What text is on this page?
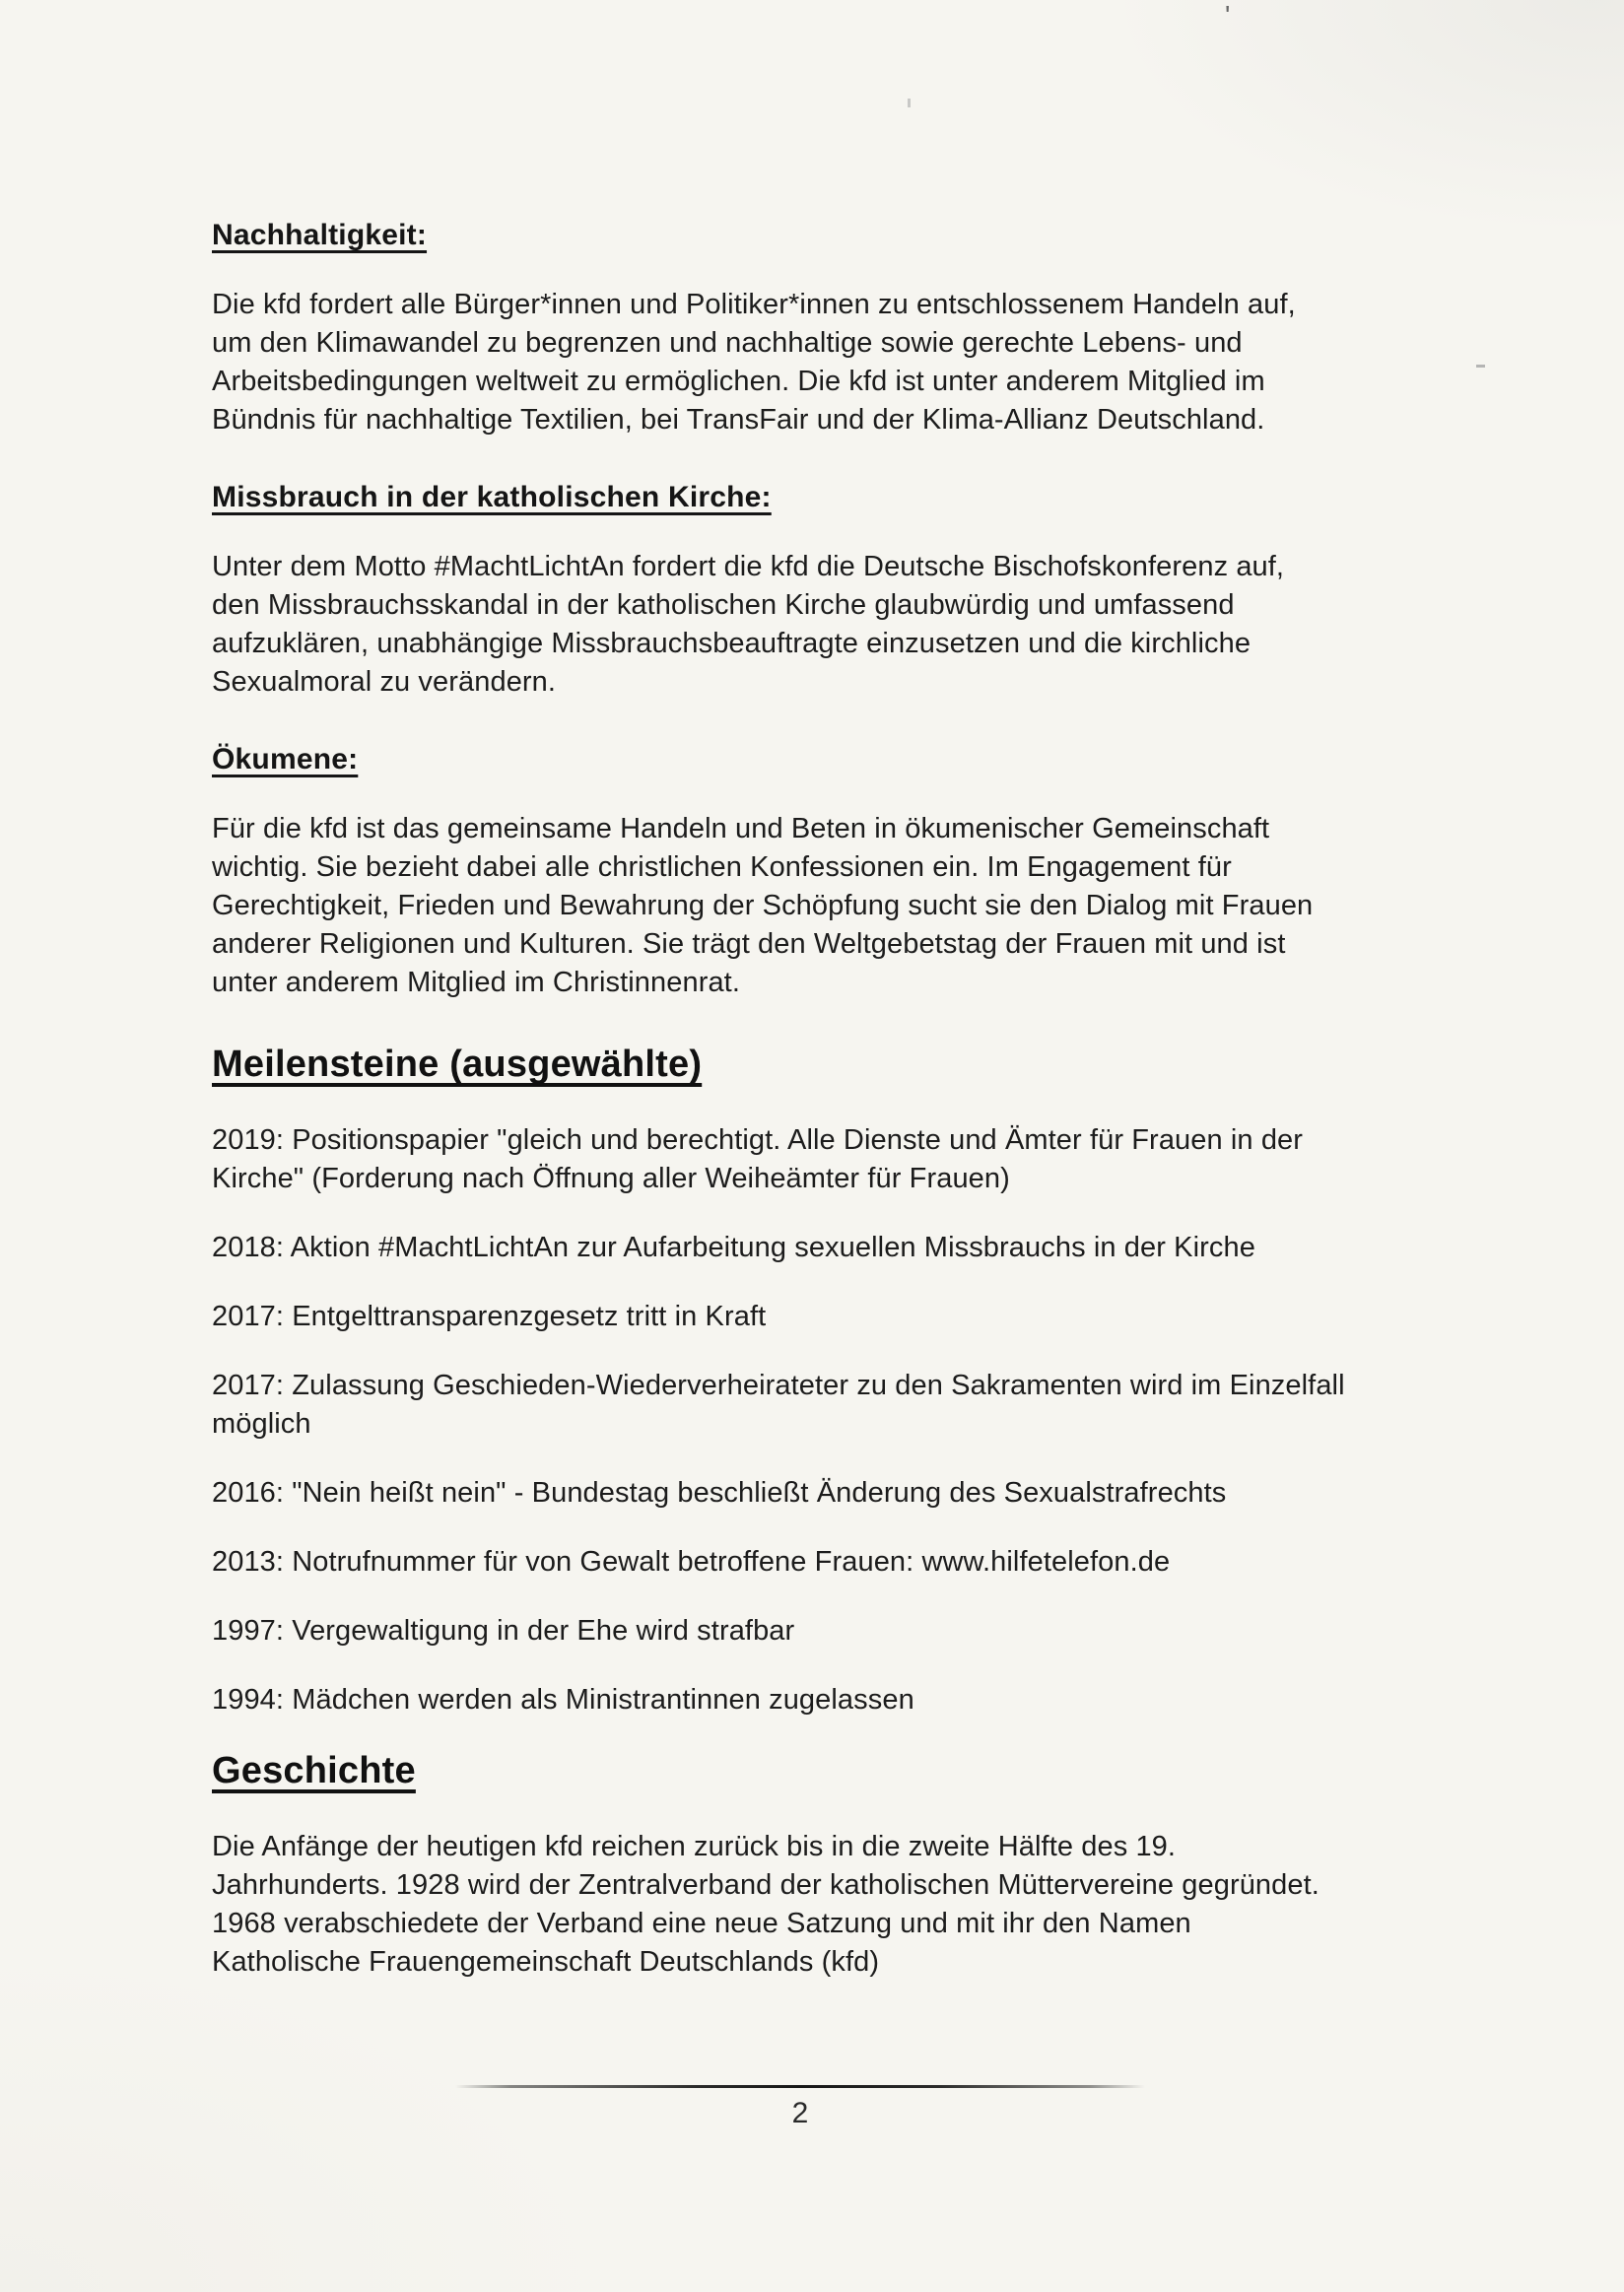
'
Nachhaltigkeit:

Die kfd fordert alle Bürger*innen und Politiker*innen zu entschlossenem Handeln auf,
um den Klimawandel zu begrenzen und nachhaltige sowie gerechte Lebens- und
Arbeitsbedingungen weltweit zu ermöglichen. Die kfd ist unter anderem Mitglied im
Bündnis für nachhaltige Textilien, bei TransFair und der Klima-Allianz Deutschland.

Missbrauch in der katholischen Kirche:

Unter dem Motto #MachtLichtAn fordert die kfd die Deutsche Bischofskonferenz auf,
den Missbrauchsskandal in der katholischen Kirche glaubwürdig und umfassend
aufzuklären, unabhängige Missbrauchsbeauftragte einzusetzen und die kirchliche
Sexualmoral zu verändern.

Ökumene:

Für die kfd ist das gemeinsame Handeln und Beten in ökumenischer Gemeinschaft
wichtig. Sie bezieht dabei alle christlichen Konfessionen ein. Im Engagement für
Gerechtigkeit, Frieden und Bewahrung der Schöpfung sucht sie den Dialog mit Frauen
anderer Religionen und Kulturen. Sie trägt den Weltgebetstag der Frauen mit und ist
unter anderem Mitglied im Christinnenrat.

Meilensteine (ausgewählte)

2019: Positionspapier "gleich und berechtigt. Alle Dienste und Ämter für Frauen in der
Kirche" (Forderung nach Öffnung aller Weiheämter für Frauen)

2018: Aktion #MachtLichtAn zur Aufarbeitung sexuellen Missbrauchs in der Kirche

2017: Entgelttransparenzgesetz tritt in Kraft

2017: Zulassung Geschieden-Wiederverheirateter zu den Sakramenten wird im Einzelfall
möglich

2016: "Nein heißt nein" - Bundestag beschließt Änderung des Sexualstrafrechts

2013: Notrufnummer für von Gewalt betroffene Frauen: www.hilfetelefon.de

1997: Vergewaltigung in der Ehe wird strafbar

1994: Mädchen werden als Ministrantinnen zugelassen

Geschichte

Die Anfänge der heutigen kfd reichen zurück bis in die zweite Hälfte des 19.
Jahrhunderts. 1928 wird der Zentralverband der katholischen Müttervereine gegründet.
1968 verabschiedete der Verband eine neue Satzung und mit ihr den Namen
Katholische Frauengemeinschaft Deutschlands (kfd)

2
